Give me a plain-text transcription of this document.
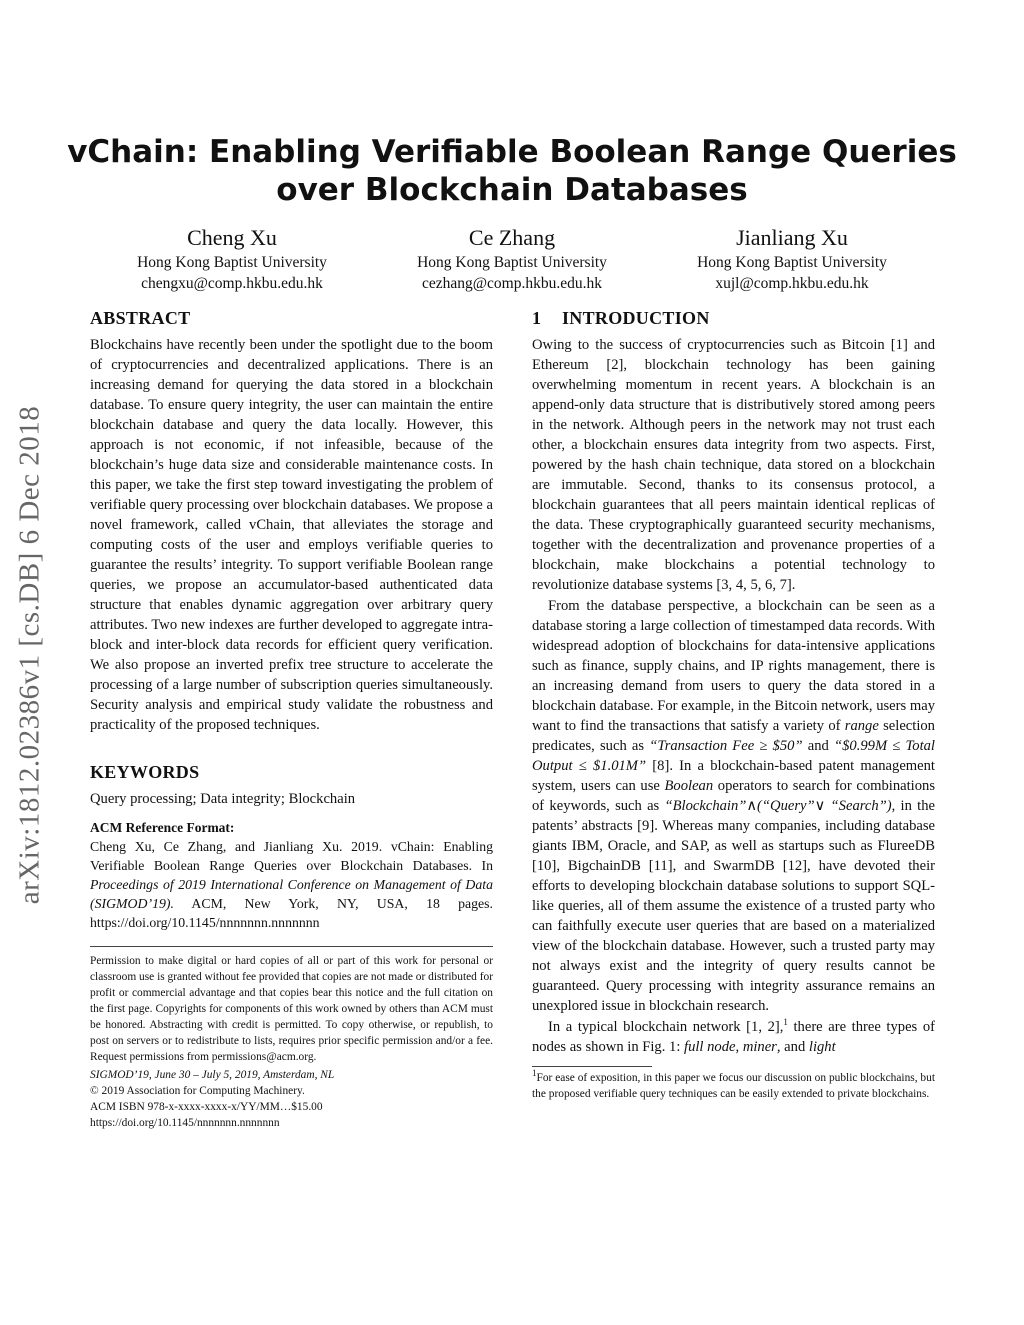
arXiv:1812.02386v1 [cs.DB] 6 Dec 2018
vChain: Enabling Verifiable Boolean Range Queries
over Blockchain Databases
Cheng Xu
Hong Kong Baptist University
chengxu@comp.hkbu.edu.hk
Ce Zhang
Hong Kong Baptist University
cezhang@comp.hkbu.edu.hk
Jianliang Xu
Hong Kong Baptist University
xujl@comp.hkbu.edu.hk
ABSTRACT

Blockchains have recently been under the spotlight due to the boom of cryptocurrencies and decentralized applications. There is an increasing demand for querying the data stored in a blockchain database. To ensure query integrity, the user can maintain the entire blockchain database and query the data locally. However, this approach is not economic, if not infeasible, because of the blockchain’s huge data size and considerable maintenance costs. In this paper, we take the first step toward investigating the problem of verifiable query processing over blockchain databases. We propose a novel framework, called vChain, that alleviates the storage and computing costs of the user and employs verifiable queries to guarantee the results’ integrity. To support verifiable Boolean range queries, we propose an accumulator-based authenticated data structure that enables dynamic aggregation over arbitrary query attributes. Two new indexes are further developed to aggregate intra-block and inter-block data records for efficient query verification. We also propose an inverted prefix tree structure to accelerate the processing of a large number of subscription queries simultaneously. Security analysis and empirical study validate the robustness and practicality of the proposed techniques.

KEYWORDS

Query processing; Data integrity; Blockchain

ACM Reference Format:
Cheng Xu, Ce Zhang, and Jianliang Xu. 2019. vChain: Enabling Verifiable Boolean Range Queries over Blockchain Databases. In Proceedings of 2019 International Conference on Management of Data (SIGMOD’19). ACM, New York, NY, USA, 18 pages. https://doi.org/10.1145/nnnnnnn.nnnnnnn
Permission to make digital or hard copies of all or part of this work for personal or classroom use is granted without fee provided that copies are not made or distributed for profit or commercial advantage and that copies bear this notice and the full citation on the first page. Copyrights for components of this work owned by others than ACM must be honored. Abstracting with credit is permitted. To copy otherwise, or republish, to post on servers or to redistribute to lists, requires prior specific permission and/or a fee. Request permissions from permissions@acm.org.
SIGMOD’19, June 30 – July 5, 2019, Amsterdam, NL
© 2019 Association for Computing Machinery.
ACM ISBN 978-x-xxxx-xxxx-x/YY/MM…$15.00
https://doi.org/10.1145/nnnnnnn.nnnnnnn
1 INTRODUCTION

Owing to the success of cryptocurrencies such as Bitcoin [1] and Ethereum [2], blockchain technology has been gaining overwhelming momentum in recent years. A blockchain is an append-only data structure that is distributively stored among peers in the network. Although peers in the network may not trust each other, a blockchain ensures data integrity from two aspects. First, powered by the hash chain technique, data stored on a blockchain are immutable. Second, thanks to its consensus protocol, a blockchain guarantees that all peers maintain identical replicas of the data. These cryptographically guaranteed security mechanisms, together with the decentralization and provenance properties of a blockchain, make blockchains a potential technology to revolutionize database systems [3, 4, 5, 6, 7].

From the database perspective, a blockchain can be seen as a database storing a large collection of timestamped data records. With widespread adoption of blockchains for data-intensive applications such as finance, supply chains, and IP rights management, there is an increasing demand from users to query the data stored in a blockchain database. For example, in the Bitcoin network, users may want to find the transactions that satisfy a variety of range selection predicates, such as “Transaction Fee ≥ $50” and “$0.99M ≤ Total Output ≤ $1.01M” [8]. In a blockchain-based patent management system, users can use Boolean operators to search for combinations of keywords, such as “Blockchain”∧(“Query”∨ “Search”), in the patents’ abstracts [9]. Whereas many companies, including database giants IBM, Oracle, and SAP, as well as startups such as FlureeDB [10], BigchainDB [11], and SwarmDB [12], have devoted their efforts to developing blockchain database solutions to support SQL-like queries, all of them assume the existence of a trusted party who can faithfully execute user queries that are based on a materialized view of the blockchain database. However, such a trusted party may not always exist and the integrity of query results cannot be guaranteed. Query processing with integrity assurance remains an unexplored issue in blockchain research.

In a typical blockchain network [1, 2],$^1$ there are three types of nodes as shown in Fig. 1: full node, miner, and light

$^1$For ease of exposition, in this paper we focus our discussion on public blockchains, but the proposed verifiable query techniques can be easily extended to private blockchains.
